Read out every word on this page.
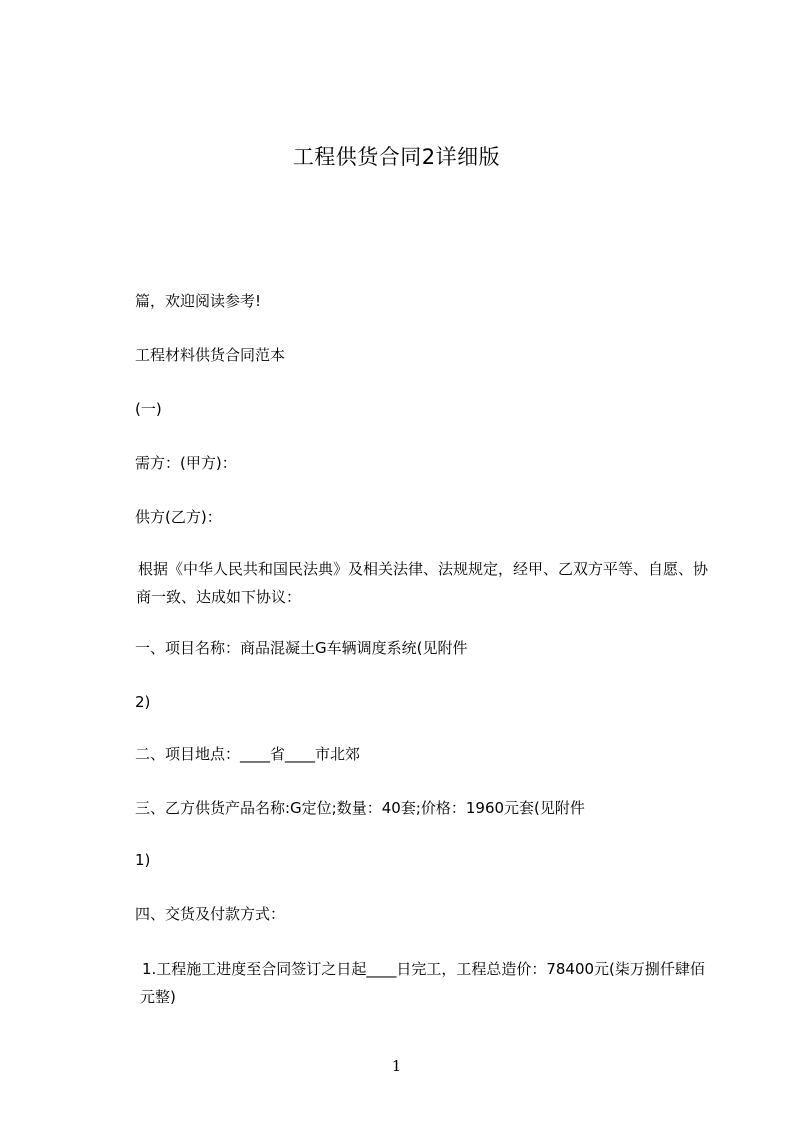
工程供货合同2详细版
篇，欢迎阅读参考!
工程材料供货合同范本
(一)
需方：(甲方)：
供方(乙方)：
根据《中华人民共和国民法典》及相关法律、法规规定，经甲、乙双方平等、自愿、协商一致、达成如下协议：
一、项目名称：商品混凝土G车辆调度系统(见附件
2)
二、项目地点：____省____市北郊
三、乙方供货产品名称:G定位;数量：40套;价格：1960元套(见附件
1)
四、交货及付款方式：
1.工程施工进度至合同签订之日起____日完工，工程总造价：78400元(柒万捌仟肆佰元整)
1
